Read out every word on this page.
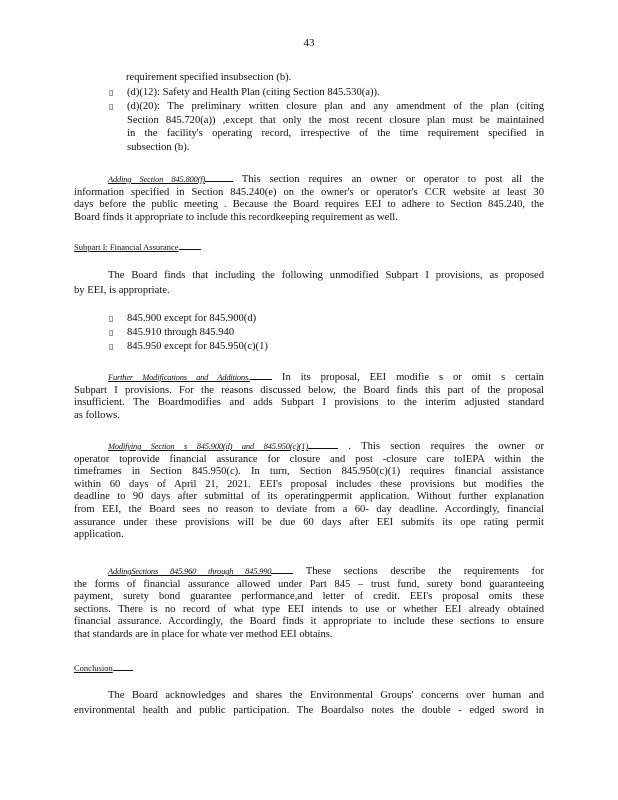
43
requirement specified insubsection (b).
▯ (d)(12): Safety and Health Plan (citing Section 845.530(a)).
▯ (d)(20): The preliminary written closure plan and any amendment of the plan (citing
Section 845.720(a)) ,except that only the most recent closure plan must be maintained
in the facility's operating record, irrespective of the time requirement specified in
subsection (b).
Adding Section 845.800(f)	This section requires an owner or operator to post all the
information specified in Section 845.240(e) on the owner's or operator's CCR website at least 30
days before the public meeting . Because the Board requires EEI to adhere to Section 845.240, the
Board finds it appropriate to include this recordkeeping requirement as well.
Subpart I: Financial Assurance
The Board finds that including the following unmodified Subpart I provisions, as proposed
by EEI, is appropriate.
▯ 845.900 except for 845.900(d)
▯ 845.910 through 845.940
▯ 845.950 except for 845.950(c)(1)
Further Modifications and Additions.	In its proposal, EEI modifie s or omit s certain
Subpart I provisions. For the reasons discussed below, the Board finds this part of the proposal
insufficient. The Boardmodifies and adds Subpart I provisions to the interim adjusted standard
as follows.
Modifying Section s 845.900(d) and 845.950(c)(1)	. This section requires the owner or
operator toprovide financial assurance for closure and post -closure care toIEPA within the
timeframes in Section 845.950(c). In turn, Section 845.950(c)(1) requires financial assistance
within 60 days of April 21, 2021. EEI's proposal includes these provisions but modifies the
deadline to 90 days after submittal of its operatingpermit application. Without further explanation
from EEI, the Board sees no reason to deviate from a 60- day deadline. Accordingly, financial
assurance under these provisions will be due 60 days after EEI submits its ope rating permit
application.
AddingSections 845.960 through 845.990	These sections describe the requirements for
the forms of financial assurance allowed under Part 845 – trust fund, surety bond guaranteeing
payment, surety bond guarantee performance,and letter of credit. EEI's proposal omits these
sections. There is no record of what type EEI intends to use or whether EEI already obtained
financial assurance. Accordingly, the Board finds it appropriate to include these sections to ensure
that standards are in place for whate ver method EEI obtains.
Conclusion
The Board acknowledges and shares the Environmental Groups' concerns over human and
environmental health and public participation. The Boardalso notes the double - edged sword in
